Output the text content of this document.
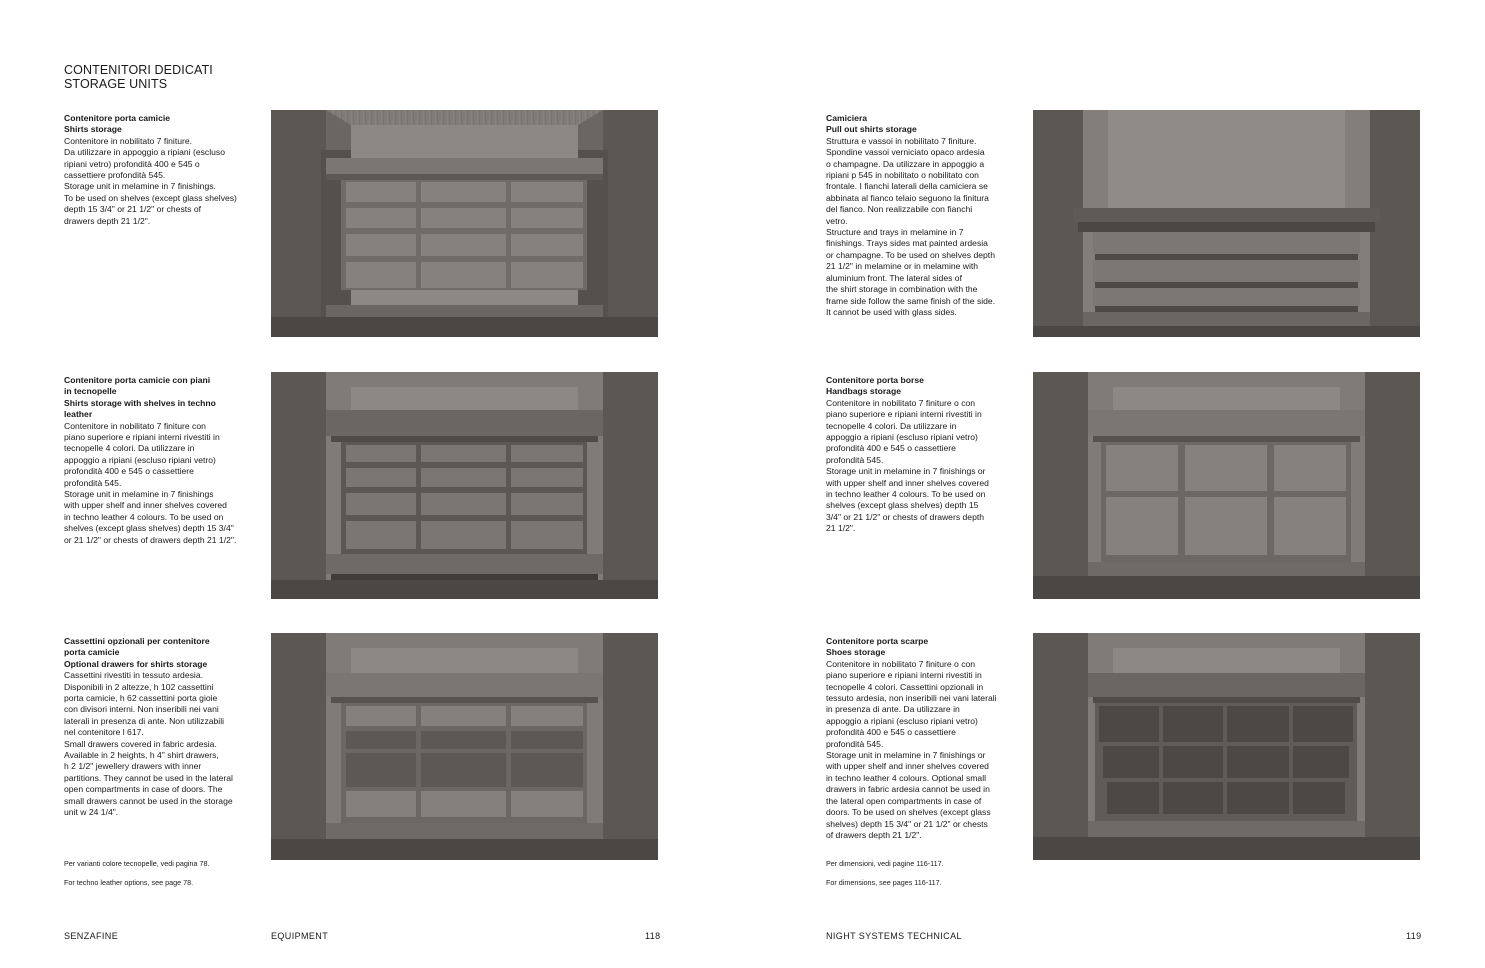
CONTENITORI DEDICATI
STORAGE UNITS
Contenitore porta camicie
Shirts storage
Contenitore in nobilitato 7 finiture.
Da utilizzare in appoggio a ripiani (escluso
ripiani vetro) profondità 400 e 545 o
cassettiere profondità 545.
Storage unit in melamine in 7 finishings.
To be used on shelves (except glass shelves)
depth 15 3/4" or 21 1/2" or chests of
drawers depth 21 1/2".
Contenitore porta camicie con piani
in tecnopelle
Shirts storage with shelves in techno
leather
Contenitore in nobilitato 7 finiture con
piano superiore e ripiani interni rivestiti in
tecnopelle 4 colori. Da utilizzare in
appoggio a ripiani (escluso ripiani vetro)
profondità 400 e 545 o cassettiere
profondità 545.
Storage unit in melamine in 7 finishings
with upper shelf and inner shelves covered
in techno leather 4 colours. To be used on
shelves (except glass shelves) depth 15 3/4"
or 21 1/2" or chests of drawers depth 21 1/2".
Cassettini opzionali per contenitore
porta camicie
Optional drawers for shirts storage
Cassettini rivestiti in tessuto ardesia.
Disponibili in 2 altezze, h 102 cassettini
porta camicie, h 62 cassettini porta gioie
con divisori interni. Non inseribili nei vani
laterali in presenza di ante. Non utilizzabili
nel contenitore l 617.
Small drawers covered in fabric ardesia.
Available in 2 heights, h 4" shirt drawers,
h 2 1/2" jewellery drawers with inner
partitions. They cannot be used in the lateral
open compartments in case of doors. The
small drawers cannot be used in the storage
unit w 24 1/4".
Per varianti colore tecnopelle, vedi pagina 78.
For techno leather options, see page 78.
Camiciera
Pull out shirts storage
Struttura e vassoi in nobilitato 7 finiture.
Spondine vassoi verniciato opaco ardesia
o champagne. Da utilizzare in appoggio a
ripiani p 545 in nobilitato o nobilitato con
frontale. I fianchi laterali della camiciera se
abbinata al fianco telaio seguono la finitura
del fianco. Non realizzabile con fianchi
vetro.
Structure and trays in melamine in 7
finishings. Trays sides mat painted ardesia
or champagne. To be used on shelves depth
21 1/2" in melamine or in melamine with
aluminium front. The lateral sides of
the shirt storage in combination with the
frame side follow the same finish of the side.
It cannot be used with glass sides.
Contenitore porta borse
Handbags storage
Contenitore in nobilitato 7 finiture o con
piano superiore e ripiani interni rivestiti in
tecnopelle 4 colori. Da utilizzare in
appoggio a ripiani (escluso ripiani vetro)
profondità 400 e 545 o cassettiere
profondità 545.
Storage unit in melamine in 7 finishings or
with upper shelf and inner shelves covered
in techno leather 4 colours. To be used on
shelves (except glass shelves) depth 15
3/4" or 21 1/2" or chests of drawers depth
21 1/2".
Contenitore porta scarpe
Shoes storage
Contenitore in nobilitato 7 finiture o con
piano superiore e ripiani interni rivestiti in
tecnopelle 4 colori. Cassettini opzionali in
tessuto ardesia, non inseribili nei vani laterali
in presenza di ante. Da utilizzare in
appoggio a ripiani (escluso ripiani vetro)
profondità 400 e 545 o cassettiere
profondità 545.
Storage unit in melamine in 7 finishings or
with upper shelf and inner shelves covered
in techno leather 4 colours. Optional small
drawers in fabric ardesia cannot be used in
the lateral open compartments in case of
doors. To be used on shelves (except glass
shelves) depth 15 3/4" or 21 1/2" or chests
of drawers depth 21 1/2".
Per dimensioni, vedi pagine 116-117.
For dimensions, see pages 116-117.
SENZAFINE	EQUIPMENT	118	NIGHT SYSTEMS TECHNICAL	119
